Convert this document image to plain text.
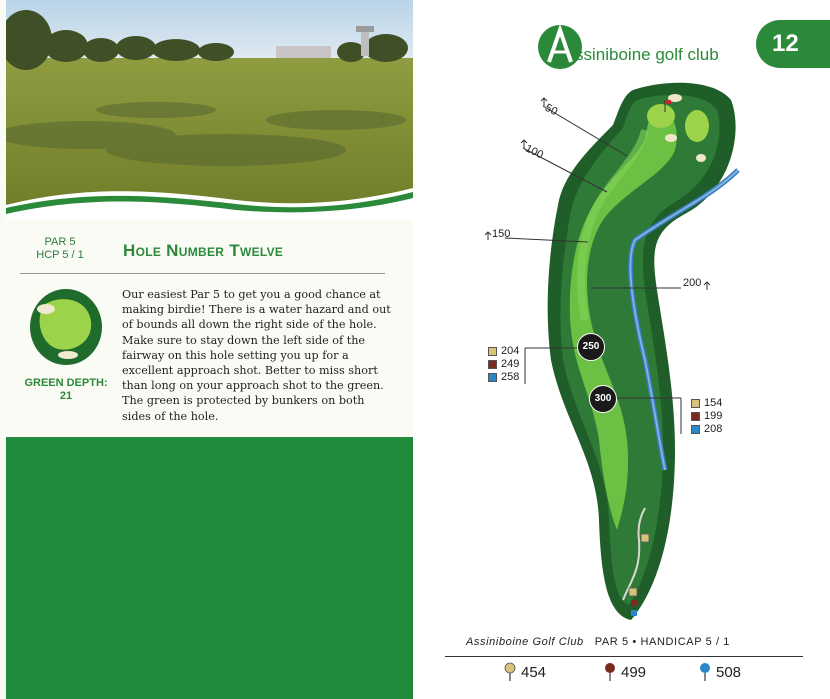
PAR 5
HCP 5 / 1	Hole Number Twelve
GREEN DEPTH:
21
Our easiest Par 5 to get you a good chance at making birdie! There is a water hazard and out of bounds all down the right side of the hole. Make sure to stay down the left side of the fairway on this hole setting you up for a excellent approach shot. Better to miss short than long on your approach shot to the green. The green is protected by bunkers on both sides of the hole.
ssiniboine golf club 12
50
100
150
200
250
300
204
249
258
154
199
208
Assiniboine Golf Club PAR 5 • HANDICAP 5 / 1
454	499	508
